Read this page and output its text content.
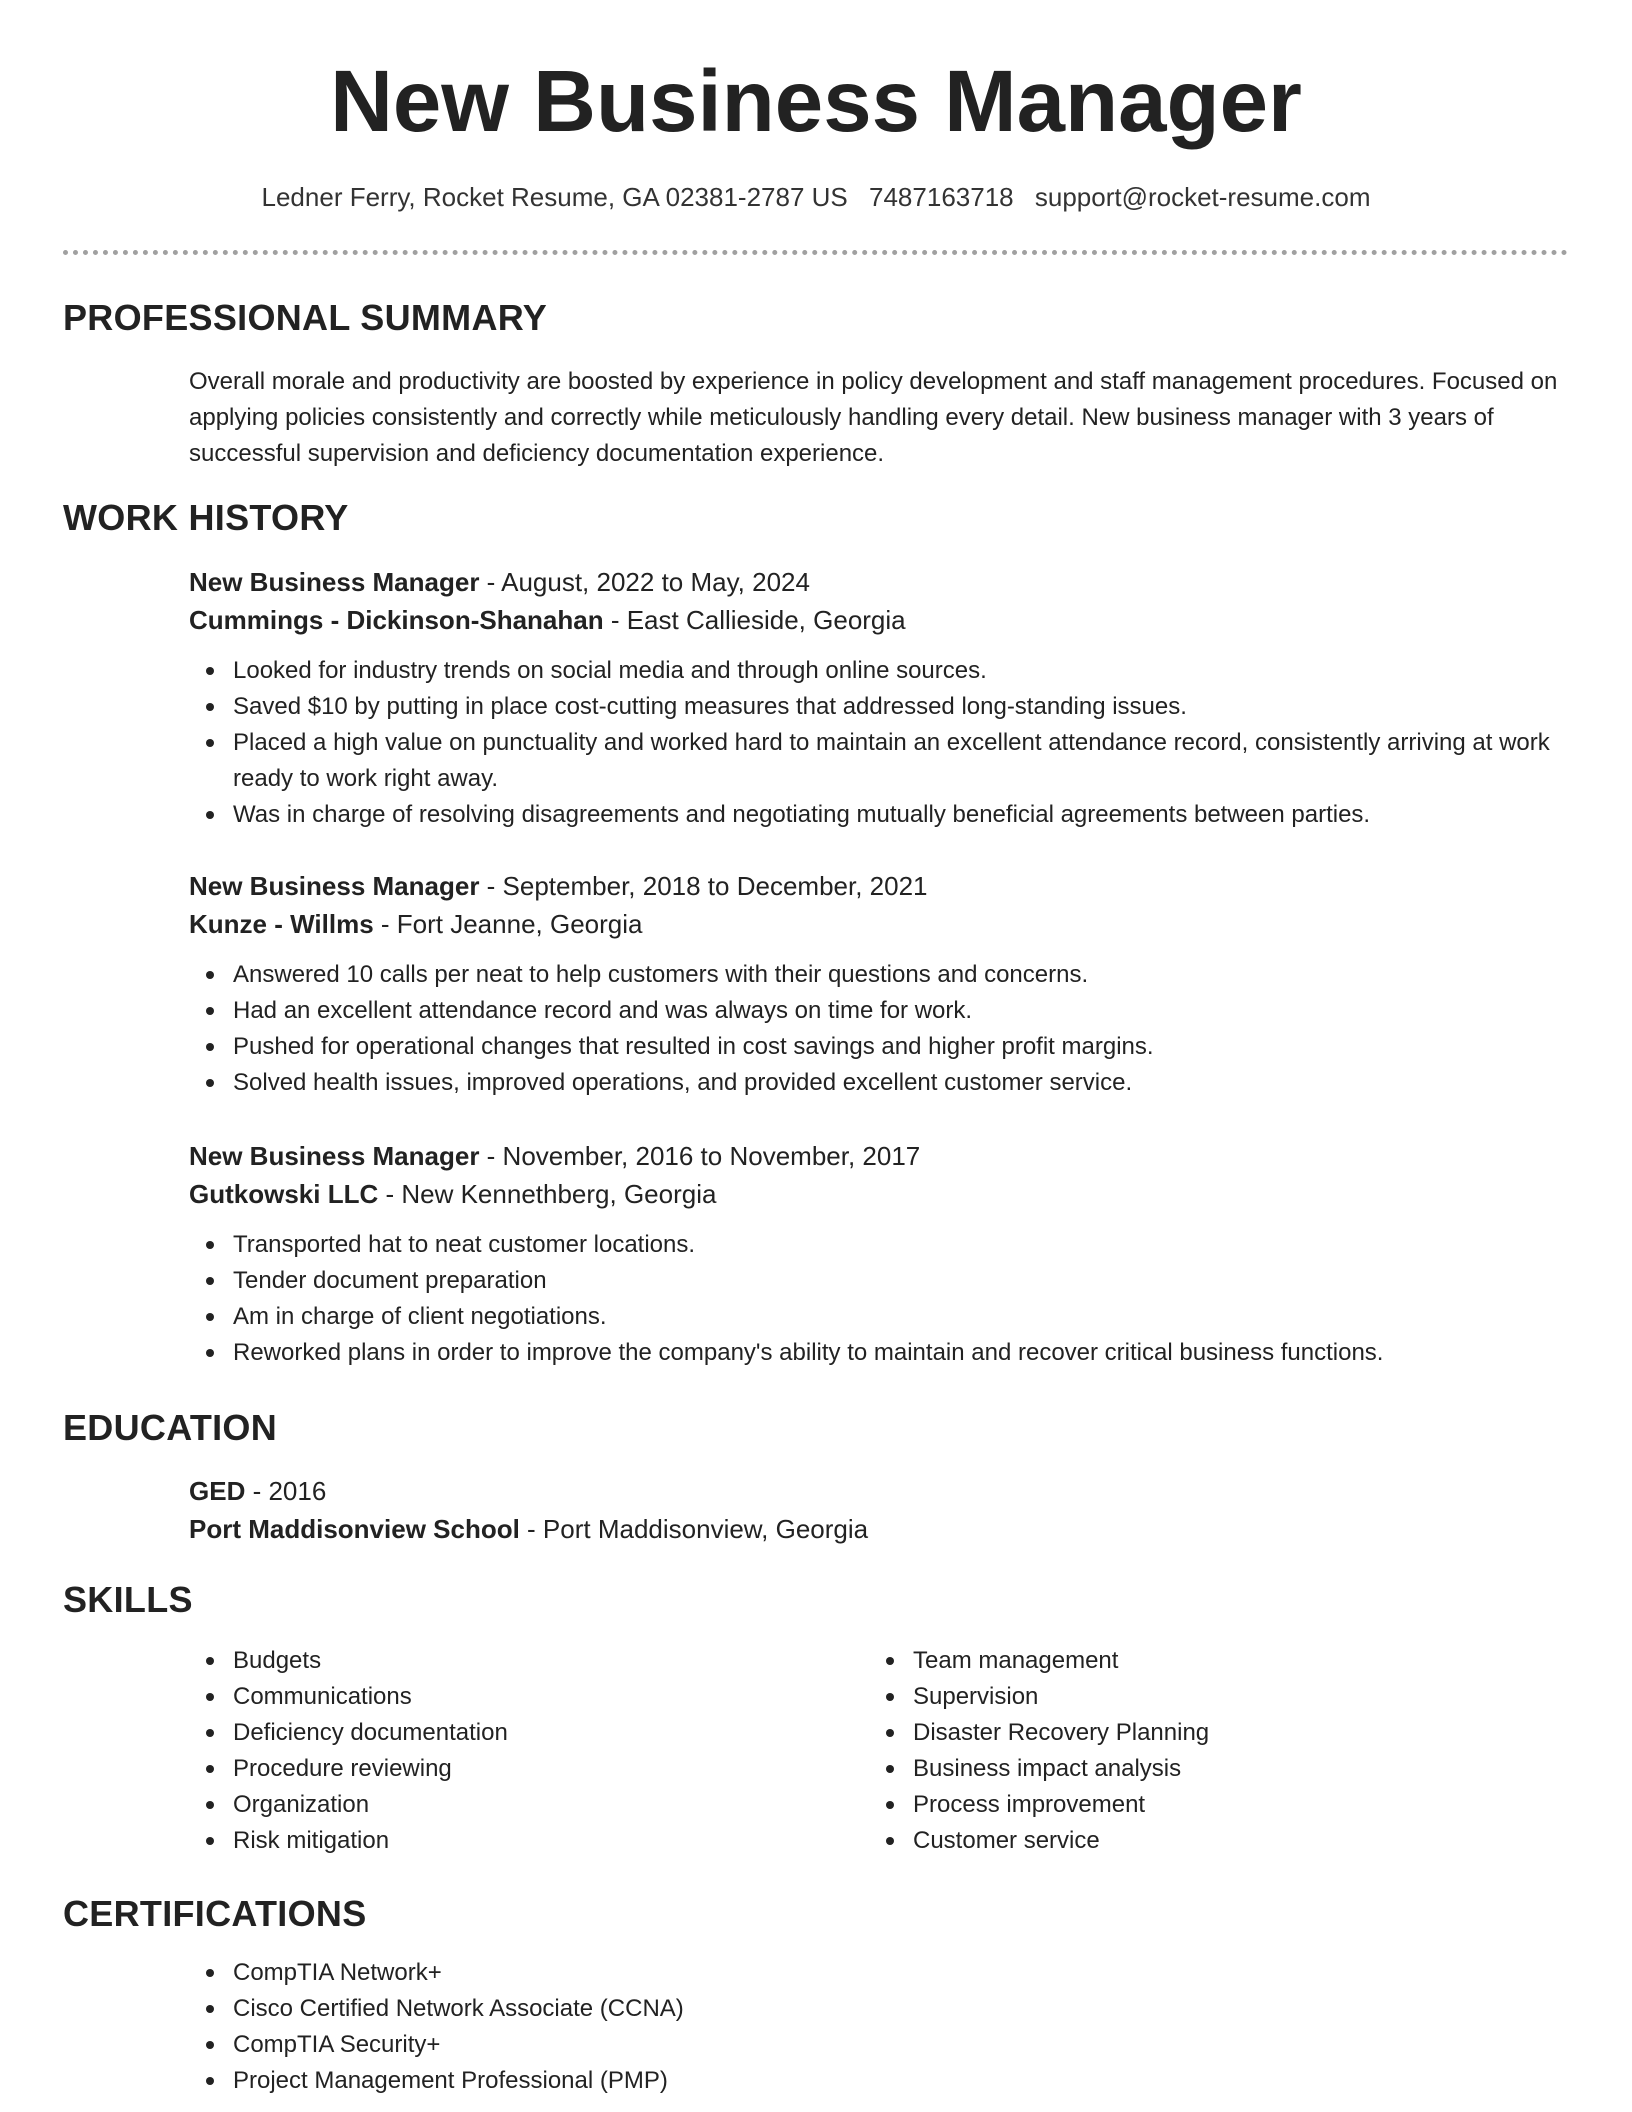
New Business Manager
Ledner Ferry, Rocket Resume, GA 02381-2787 US 7487163718 support@rocket-resume.com
PROFESSIONAL SUMMARY
Overall morale and productivity are boosted by experience in policy development and staff management procedures. Focused on applying policies consistently and correctly while meticulously handling every detail. New business manager with 3 years of successful supervision and deficiency documentation experience.
WORK HISTORY
New Business Manager - August, 2022 to May, 2024
Cummings - Dickinson-Shanahan - East Callieside, Georgia
Looked for industry trends on social media and through online sources.
Saved $10 by putting in place cost-cutting measures that addressed long-standing issues.
Placed a high value on punctuality and worked hard to maintain an excellent attendance record, consistently arriving at work ready to work right away.
Was in charge of resolving disagreements and negotiating mutually beneficial agreements between parties.
New Business Manager - September, 2018 to December, 2021
Kunze - Willms - Fort Jeanne, Georgia
Answered 10 calls per neat to help customers with their questions and concerns.
Had an excellent attendance record and was always on time for work.
Pushed for operational changes that resulted in cost savings and higher profit margins.
Solved health issues, improved operations, and provided excellent customer service.
New Business Manager - November, 2016 to November, 2017
Gutkowski LLC - New Kennethberg, Georgia
Transported hat to neat customer locations.
Tender document preparation
Am in charge of client negotiations.
Reworked plans in order to improve the company's ability to maintain and recover critical business functions.
EDUCATION
GED - 2016
Port Maddisonview School - Port Maddisonview, Georgia
SKILLS
Budgets
Communications
Deficiency documentation
Procedure reviewing
Organization
Risk mitigation
Team management
Supervision
Disaster Recovery Planning
Business impact analysis
Process improvement
Customer service
CERTIFICATIONS
CompTIA Network+
Cisco Certified Network Associate (CCNA)
CompTIA Security+
Project Management Professional (PMP)
